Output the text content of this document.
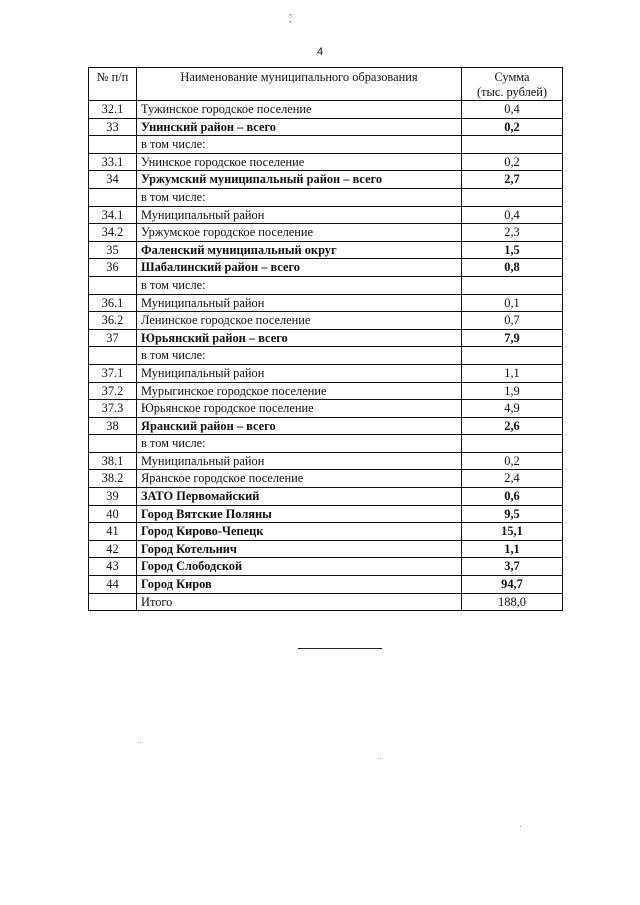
ؒ·
4
№ п/п	Наименование муниципального образования	Сумма
(тыс. рублей)
32.1	Тужинское городское поселение	0,4
33	Унинский район – всего	0,2
	в том числе:	
33.1	Унинское городское поселение	0,2
34	Уржумский муниципальный район – всего	2,7
	в том числе:	
34.1	Муниципальный район	0,4
34.2	Уржумское городское поселение	2,3
35	Фаленский муниципальный округ	1,5
36	Шабалинский район – всего	0,8
	в том числе:	
36.1	Муниципальный район	0,1
36.2	Ленинское городское поселение	0,7
37	Юрьянский район – всего	7,9
	в том числе:	
37.1	Муниципальный район	1,1
37.2	Мурыгинское городское поселение	1,9
37.3	Юрьянское городское поселение	4,9
38	Яранский район – всего	2,6
	в том числе:	
38.1	Муниципальный район	0,2
38.2	Яранское городское поселение	2,4
39	ЗАТО Первомайский	0,6
40	Город Вятские Поляны	9,5
41	Город Кирово-Чепецк	15,1
42	Город Котельнич	1,1
43	Город Слободской	3,7
44	Город Киров	94,7
	Итого	188,0
